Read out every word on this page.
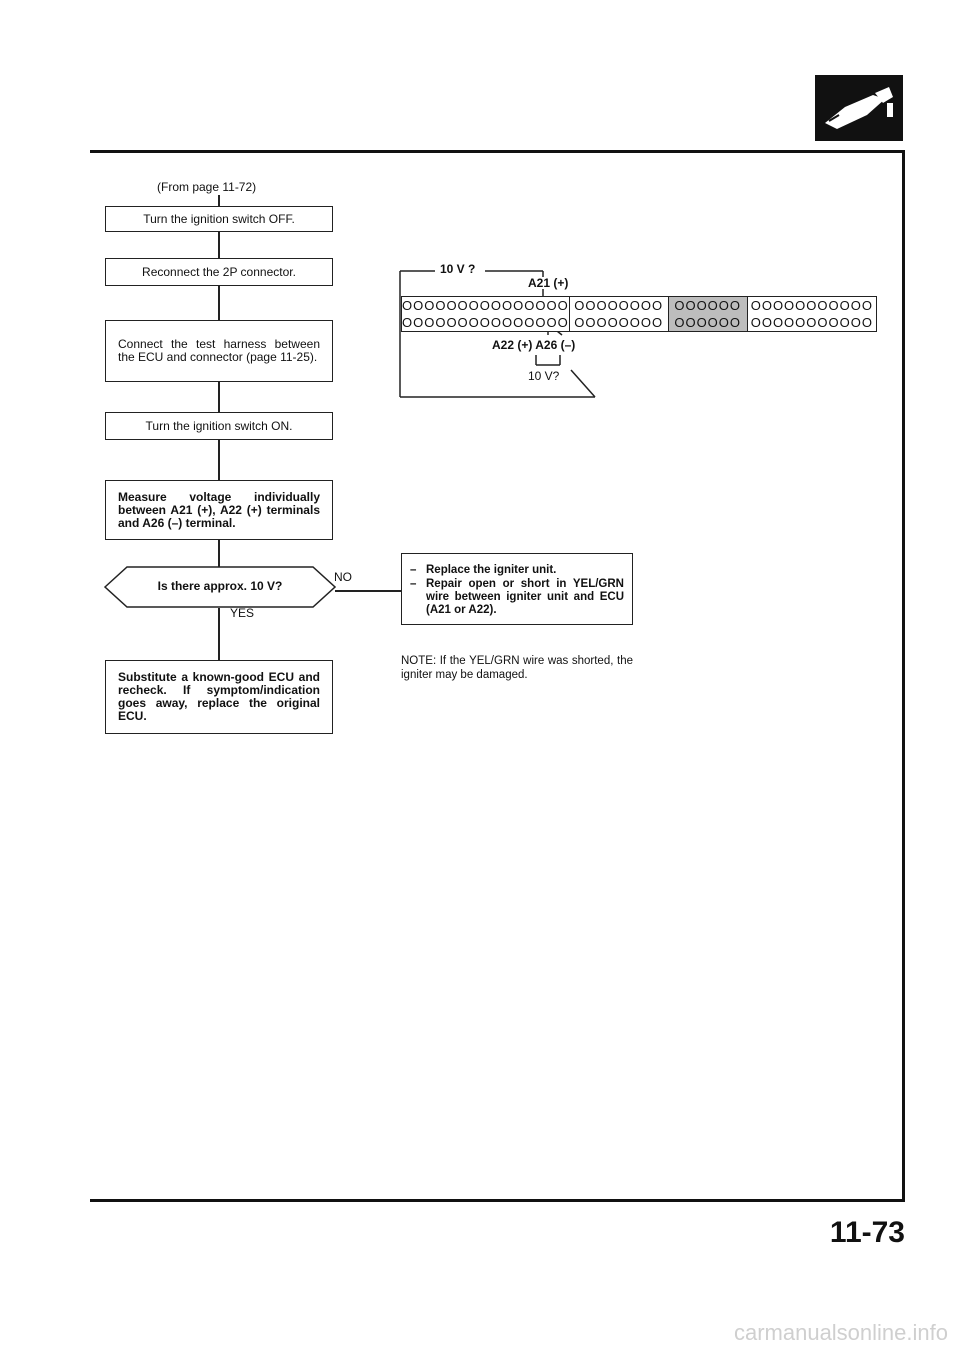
(From page 11-72)
Turn the ignition switch OFF.
Reconnect the 2P connector.
Connect the test harness between the ECU and connector (page 11-25).
Turn the ignition switch ON.
Measure voltage individually between A21 (+), A22 (+) terminals and A26 (–) terminal.
Is there approx. 10 V?
NO
YES
Substitute a known-good ECU and recheck. If symptom/indication goes away, replace the original ECU.
– Replace the igniter unit.
– Repair open or short in YEL/GRN wire between igniter unit and ECU (A21 or A22).
NOTE: If the YEL/GRN wire was shorted, the igniter may be damaged.
10 V ?
A21 (+)
OOOOOOOOOOOOOOO
OOOOOOOOOOOOOOO
OOOOOOOO
OOOOOOOO
OOOOOO
OOOOOO
OOOOOOOOOOO
OOOOOOOOOOO
A22 (+) A26 (–)
10 V?
11-73
carmanualsonline.info
